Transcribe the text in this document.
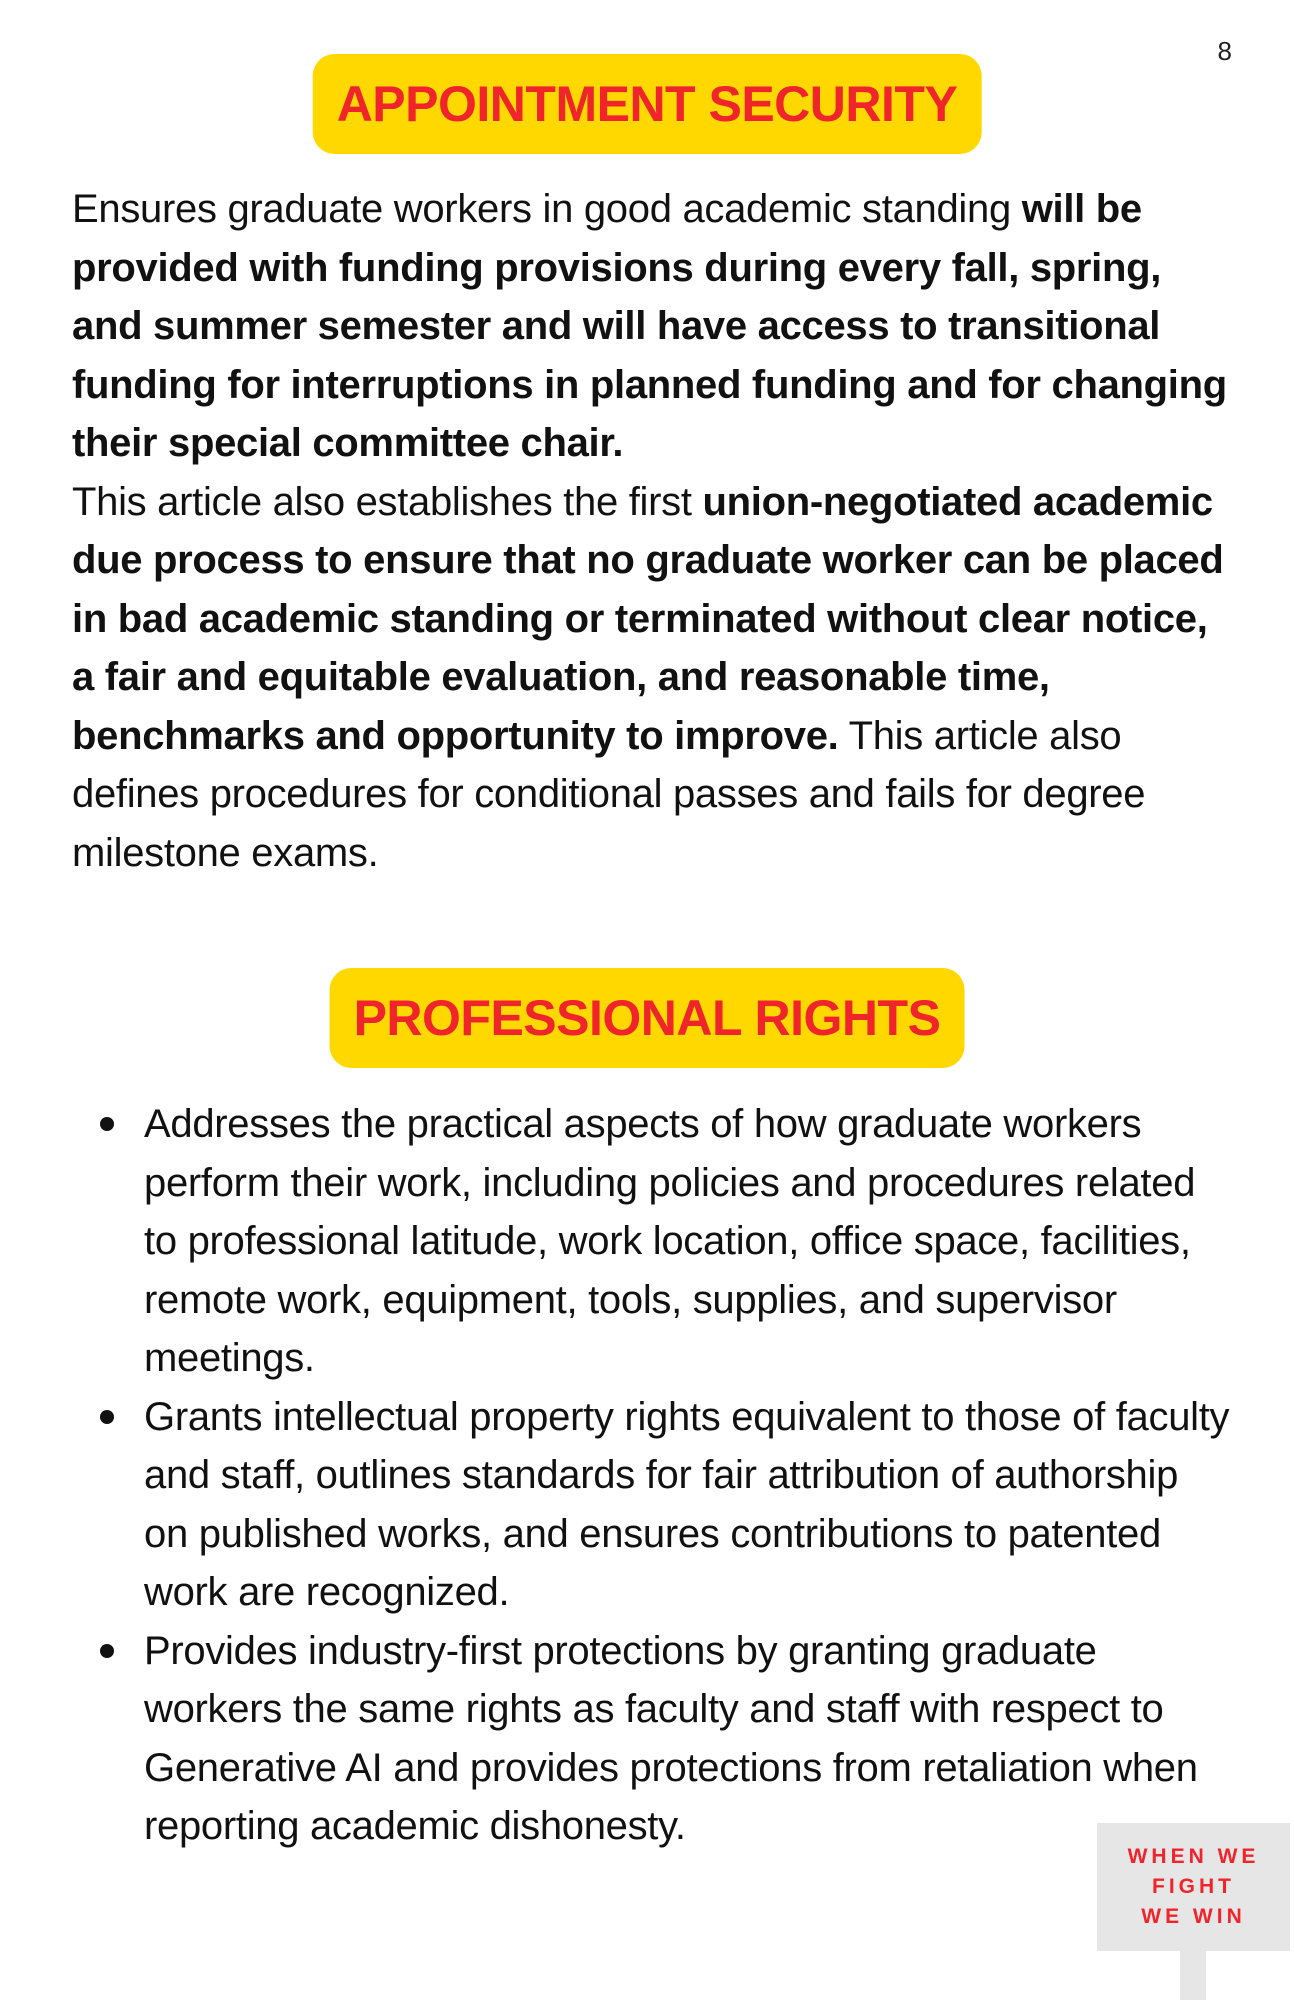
8
APPOINTMENT SECURITY
Ensures graduate workers in good academic standing will be provided with funding provisions during every fall, spring, and summer semester and will have access to transitional funding for interruptions in planned funding and for changing their special committee chair.
This article also establishes the first union-negotiated academic due process to ensure that no graduate worker can be placed in bad academic standing or terminated without clear notice, a fair and equitable evaluation, and reasonable time, benchmarks and opportunity to improve. This article also defines procedures for conditional passes and fails for degree milestone exams.
PROFESSIONAL RIGHTS
Addresses the practical aspects of how graduate workers perform their work, including policies and procedures related to professional latitude, work location, office space, facilities, remote work, equipment, tools, supplies, and supervisor meetings.
Grants intellectual property rights equivalent to those of faculty and staff, outlines standards for fair attribution of authorship on published works, and ensures contributions to patented work are recognized.
Provides industry-first protections by granting graduate workers the same rights as faculty and staff with respect to Generative AI and provides protections from retaliation when reporting academic dishonesty.
WHEN WE
FIGHT
WE WIN
